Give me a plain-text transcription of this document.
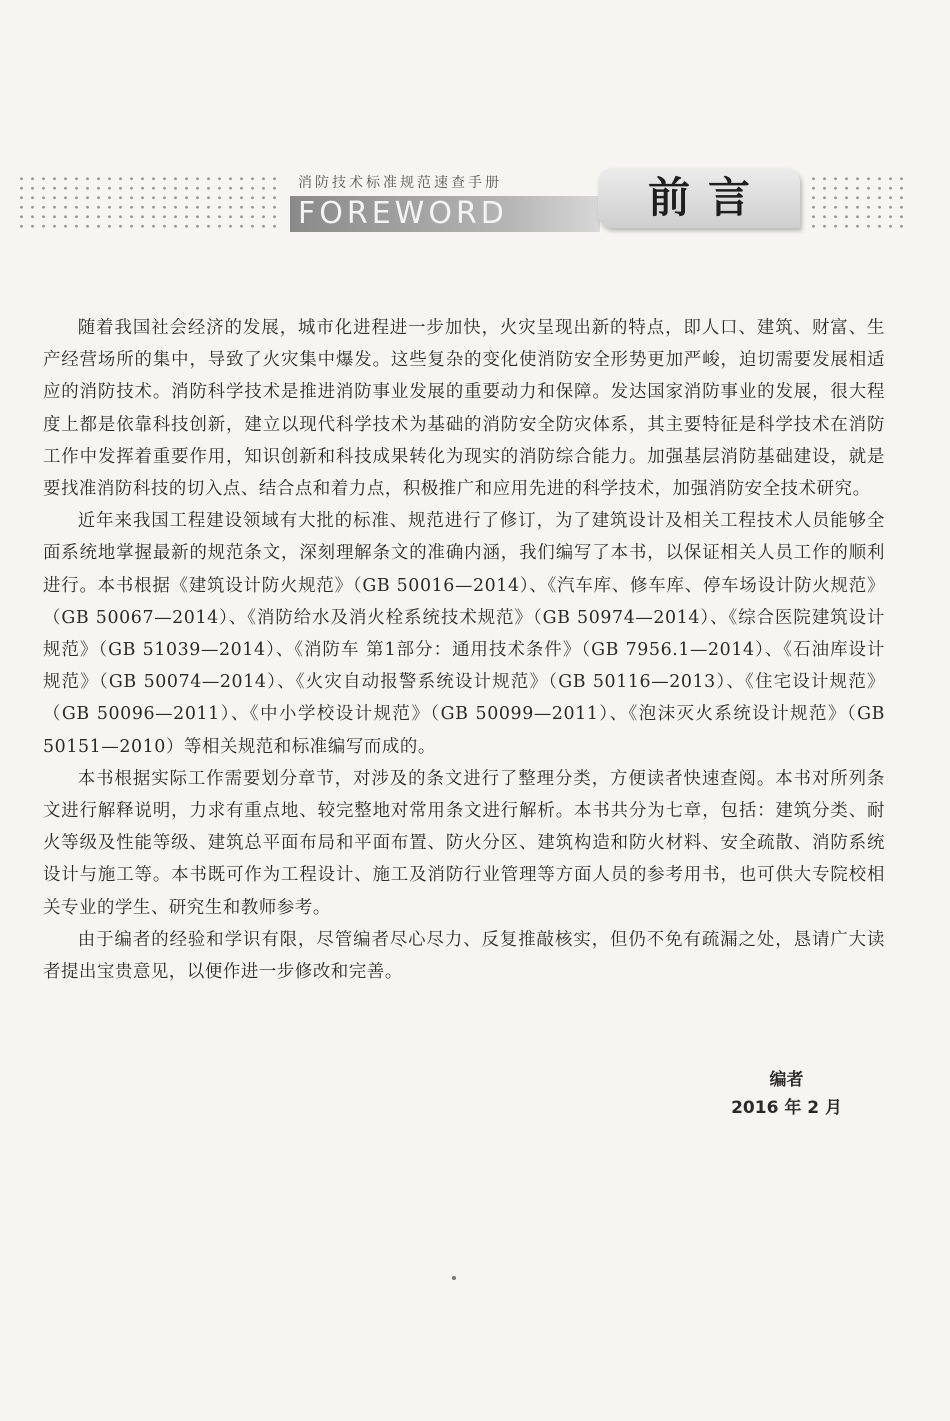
消防技术标准规范速查手册
FOREWORD	前言

随着我国社会经济的发展，城市化进程进一步加快，火灾呈现出新的特点，即人口、建筑、财富、生产经营场所的集中，导致了火灾集中爆发。这些复杂的变化使消防安全形势更加严峻，迫切需要发展相适应的消防技术。消防科学技术是推进消防事业发展的重要动力和保障。发达国家消防事业的发展，很大程度上都是依靠科技创新，建立以现代科学技术为基础的消防安全防灾体系，其主要特征是科学技术在消防工作中发挥着重要作用，知识创新和科技成果转化为现实的消防综合能力。加强基层消防基础建设，就是要找准消防科技的切入点、结合点和着力点，积极推广和应用先进的科学技术，加强消防安全技术研究。

近年来我国工程建设领域有大批的标准、规范进行了修订，为了建筑设计及相关工程技术人员能够全面系统地掌握最新的规范条文，深刻理解条文的准确内涵，我们编写了本书，以保证相关人员工作的顺利进行。本书根据《建筑设计防火规范》（GB 50016—2014）、《汽车库、修车库、停车场设计防火规范》（GB 50067—2014）、《消防给水及消火栓系统技术规范》（GB 50974—2014）、《综合医院建筑设计规范》（GB 51039—2014）、《消防车 第1部分：通用技术条件》（GB 7956.1—2014）、《石油库设计规范》（GB 50074—2014）、《火灾自动报警系统设计规范》（GB 50116—2013）、《住宅设计规范》（GB 50096—2011）、《中小学校设计规范》（GB 50099—2011）、《泡沫灭火系统设计规范》（GB 50151—2010）等相关规范和标准编写而成的。

本书根据实际工作需要划分章节，对涉及的条文进行了整理分类，方便读者快速查阅。本书对所列条文进行解释说明，力求有重点地、较完整地对常用条文进行解析。本书共分为七章，包括：建筑分类、耐火等级及性能等级、建筑总平面布局和平面布置、防火分区、建筑构造和防火材料、安全疏散、消防系统设计与施工等。本书既可作为工程设计、施工及消防行业管理等方面人员的参考用书，也可供大专院校相关专业的学生、研究生和教师参考。

由于编者的经验和学识有限，尽管编者尽心尽力、反复推敲核实，但仍不免有疏漏之处，恳请广大读者提出宝贵意见，以便作进一步修改和完善。

编者
2016 年 2 月
